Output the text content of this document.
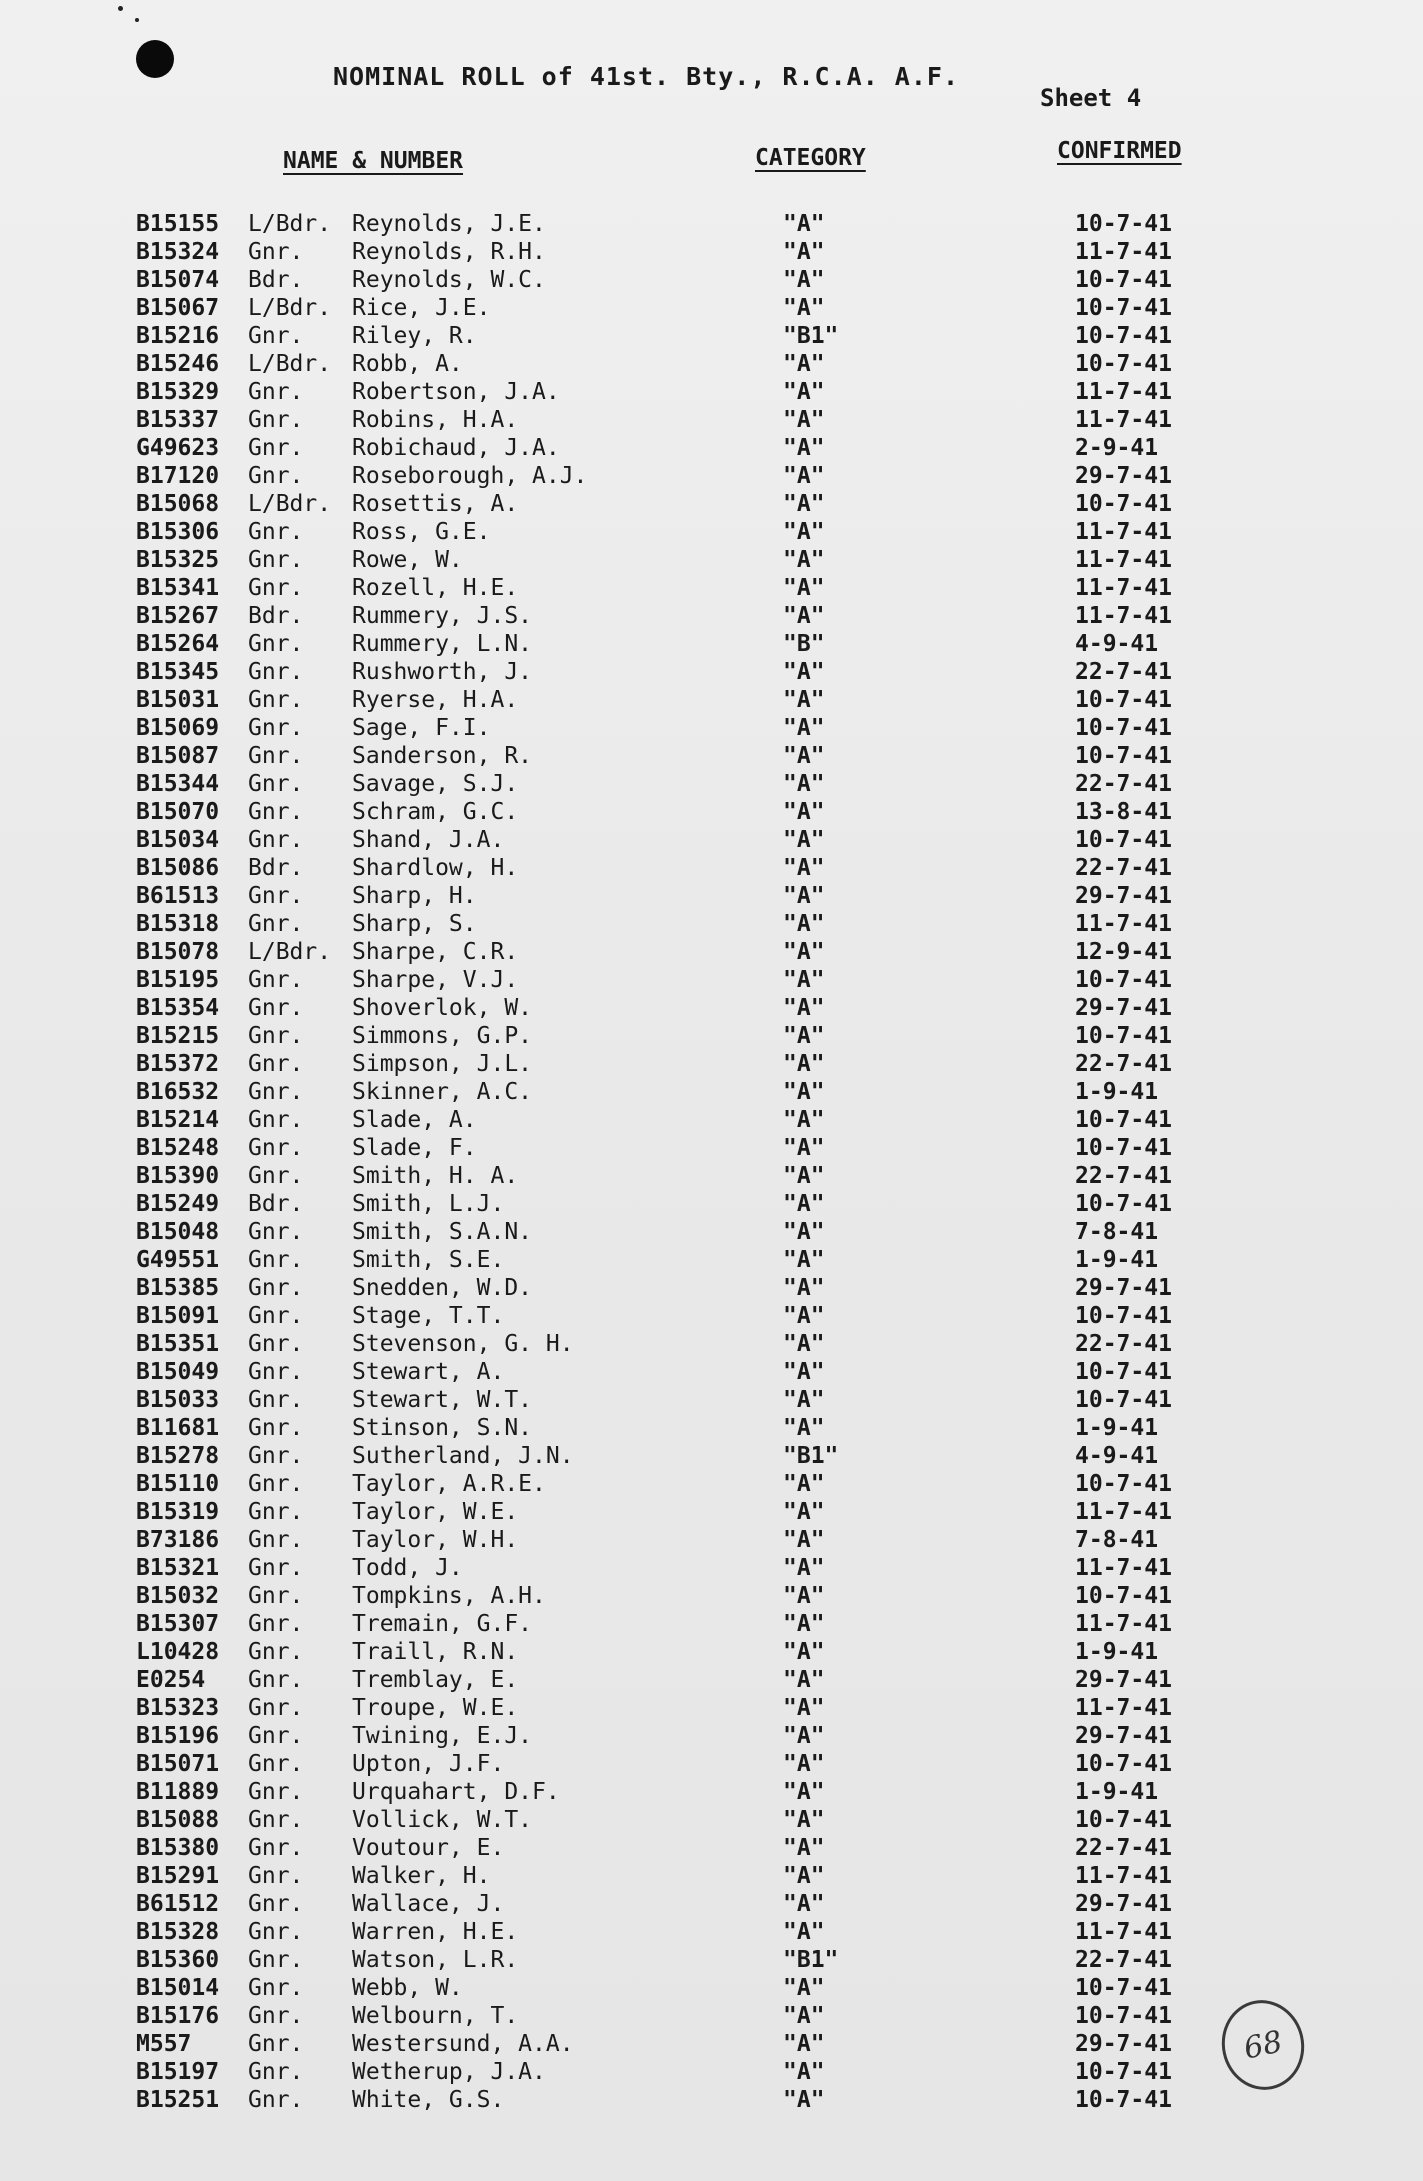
NOMINAL ROLL of 41st. Bty., R.C.A. A.F.
Sheet 4
NAME & NUMBER	CATEGORY	CONFIRMED
B15155 L/Bdr. Reynolds, J.E.	"A"	10-7-41
B15324 Gnr. Reynolds, R.H.	"A"	11-7-41
B15074 Bdr. Reynolds, W.C.	"A"	10-7-41
B15067 L/Bdr. Rice, J.E.	"A"	10-7-41
B15216 Gnr. Riley, R.	"B1"	10-7-41
B15246 L/Bdr. Robb, A.	"A"	10-7-41
B15329 Gnr. Robertson, J.A.	"A"	11-7-41
B15337 Gnr. Robins, H.A.	"A"	11-7-41
G49623 Gnr. Robichaud, J.A.	"A"	2-9-41
B17120 Gnr. Roseborough, A.J.	"A"	29-7-41
B15068 L/Bdr. Rosettis, A.	"A"	10-7-41
B15306 Gnr. Ross, G.E.	"A"	11-7-41
B15325 Gnr. Rowe, W.	"A"	11-7-41
B15341 Gnr. Rozell, H.E.	"A"	11-7-41
B15267 Bdr. Rummery, J.S.	"A"	11-7-41
B15264 Gnr. Rummery, L.N.	"B"	4-9-41
B15345 Gnr. Rushworth, J.	"A"	22-7-41
B15031 Gnr. Ryerse, H.A.	"A"	10-7-41
B15069 Gnr. Sage, F.I.	"A"	10-7-41
B15087 Gnr. Sanderson, R.	"A"	10-7-41
B15344 Gnr. Savage, S.J.	"A"	22-7-41
B15070 Gnr. Schram, G.C.	"A"	13-8-41
B15034 Gnr. Shand, J.A.	"A"	10-7-41
B15086 Bdr. Shardlow, H.	"A"	22-7-41
B61513 Gnr. Sharp, H.	"A"	29-7-41
B15318 Gnr. Sharp, S.	"A"	11-7-41
B15078 L/Bdr. Sharpe, C.R.	"A"	12-9-41
B15195 Gnr. Sharpe, V.J.	"A"	10-7-41
B15354 Gnr. Shoverlok, W.	"A"	29-7-41
B15215 Gnr. Simmons, G.P.	"A"	10-7-41
B15372 Gnr. Simpson, J.L.	"A"	22-7-41
B16532 Gnr. Skinner, A.C.	"A"	1-9-41
B15214 Gnr. Slade, A.	"A"	10-7-41
B15248 Gnr. Slade, F.	"A"	10-7-41
B15390 Gnr. Smith, H. A.	"A"	22-7-41
B15249 Bdr. Smith, L.J.	"A"	10-7-41
B15048 Gnr. Smith, S.A.N.	"A"	7-8-41
G49551 Gnr. Smith, S.E.	"A"	1-9-41
B15385 Gnr. Snedden, W.D.	"A"	29-7-41
B15091 Gnr. Stage, T.T.	"A"	10-7-41
B15351 Gnr. Stevenson, G. H.	"A"	22-7-41
B15049 Gnr. Stewart, A.	"A"	10-7-41
B15033 Gnr. Stewart, W.T.	"A"	10-7-41
B11681 Gnr. Stinson, S.N.	"A"	1-9-41
B15278 Gnr. Sutherland, J.N.	"B1"	4-9-41
B15110 Gnr. Taylor, A.R.E.	"A"	10-7-41
B15319 Gnr. Taylor, W.E.	"A"	11-7-41
B73186 Gnr. Taylor, W.H.	"A"	7-8-41
B15321 Gnr. Todd, J.	"A"	11-7-41
B15032 Gnr. Tompkins, A.H.	"A"	10-7-41
B15307 Gnr. Tremain, G.F.	"A"	11-7-41
L10428 Gnr. Traill, R.N.	"A"	1-9-41
E0254 Gnr. Tremblay, E.	"A"	29-7-41
B15323 Gnr. Troupe, W.E.	"A"	11-7-41
B15196 Gnr. Twining, E.J.	"A"	29-7-41
B15071 Gnr. Upton, J.F.	"A"	10-7-41
B11889 Gnr. Urquahart, D.F.	"A"	1-9-41
B15088 Gnr. Vollick, W.T.	"A"	10-7-41
B15380 Gnr. Voutour, E.	"A"	22-7-41
B15291 Gnr. Walker, H.	"A"	11-7-41
B61512 Gnr. Wallace, J.	"A"	29-7-41
B15328 Gnr. Warren, H.E.	"A"	11-7-41
B15360 Gnr. Watson, L.R.	"B1"	22-7-41
B15014 Gnr. Webb, W.	"A"	10-7-41
B15176 Gnr. Welbourn, T.	"A"	10-7-41
M557 Gnr. Westersund, A.A.	"A"	29-7-41
B15197 Gnr. Wetherup, J.A.	"A"	10-7-41
B15251 Gnr. White, G.S.	"A"	10-7-41
68
